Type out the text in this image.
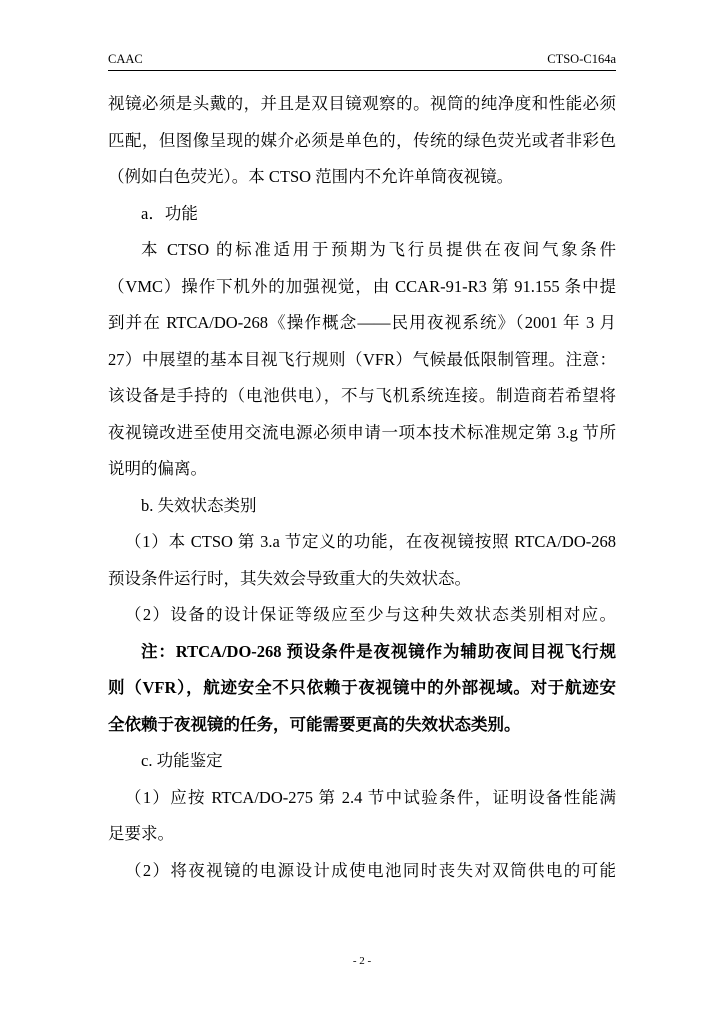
CAAC	CTSO-C164a
视镜必须是头戴的，并且是双目镜观察的。视筒的纯净度和性能必须
匹配，但图像呈现的媒介必须是单色的，传统的绿色荧光或者非彩色
（例如白色荧光）。本 CTSO 范围内不允许单筒夜视镜。
a．功能
本 CTSO 的标准适用于预期为飞行员提供在夜间气象条件
（VMC）操作下机外的加强视觉，由 CCAR-91-R3 第 91.155 条中提
到并在 RTCA/DO-268《操作概念——民用夜视系统》（2001 年 3 月
27）中展望的基本目视飞行规则（VFR）气候最低限制管理。注意：
该设备是手持的（电池供电），不与飞机系统连接。制造商若希望将
夜视镜改进至使用交流电源必须申请一项本技术标准规定第 3.g 节所
说明的偏离。
b. 失效状态类别
（1）本 CTSO 第 3.a 节定义的功能，在夜视镜按照 RTCA/DO-268
预设条件运行时，其失效会导致重大的失效状态。
（2）设备的设计保证等级应至少与这种失效状态类别相对应。
注：RTCA/DO-268 预设条件是夜视镜作为辅助夜间目视飞行规
则（VFR），航迹安全不只依赖于夜视镜中的外部视域。对于航迹安
全依赖于夜视镜的任务，可能需要更高的失效状态类别。
c. 功能鉴定
（1）应按 RTCA/DO-275 第 2.4 节中试验条件，证明设备性能满
足要求。
（2）将夜视镜的电源设计成使电池同时丧失对双筒供电的可能
- 2 -
